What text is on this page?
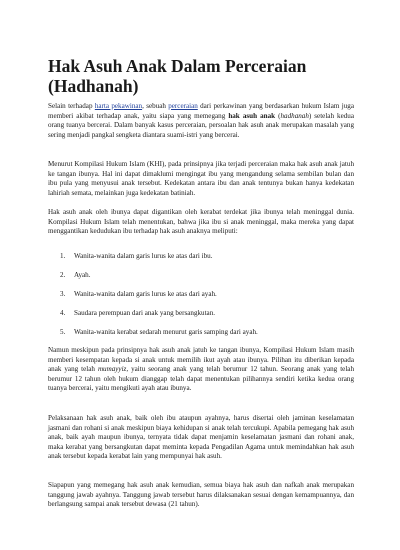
Hak Asuh Anak Dalam Perceraian (Hadhanah)

Selain terhadap harta pekawinan, sebuah perceraian dari perkawinan yang berdasarkan hukum Islam juga memberi akibat terhadap anak, yaitu siapa yang memegang hak asuh anak (hadhanah) setelah kedua orang tuanya bercerai. Dalam banyak kasus perceraian, persoalan hak asuh anak merupakan masalah yang sering menjadi pangkal sengketa diantara suami-istri yang bercerai.

Menurut Kompilasi Hukum Islam (KHI), pada prinsipnya jika terjadi perceraian maka hak asuh anak jatuh ke tangan ibunya. Hal ini dapat dimaklumi mengingat ibu yang mengandung selama sembilan bulan dan ibu pula yang menyusui anak tersebut. Kedekatan antara ibu dan anak tentunya bukan hanya kedekatan lahiriah semata, melainkan juga kedekatan batiniah.

Hak asuh anak oleh ibunya dapat digantikan oleh kerabat terdekat jika ibunya telah meninggal dunia. Kompilasi Hukum Islam telah menentukan, bahwa jika ibu si anak meninggal, maka mereka yang dapat menggantikan kedudukan ibu terhadap hak asuh anaknya meliputi:

1. Wanita-wanita dalam garis lurus ke atas dari ibu.
2. Ayah.
3. Wanita-wanita dalam garis lurus ke atas dari ayah.
4. Saudara perempuan dari anak yang bersangkutan.
5. Wanita-wanita kerabat sedarah menurut garis samping dari ayah.

Namun meskipun pada prinsipnya hak asuh anak jatuh ke tangan ibunya, Kompilasi Hukum Islam masih memberi kesempatan kepada si anak untuk memilih ikut ayah atau ibunya. Pilihan itu diberikan kepada anak yang telah mumayyiz, yaitu seorang anak yang telah berumur 12 tahun. Seorang anak yang telah berumur 12 tahun oleh hukum dianggap telah dapat menentukan pilihannya sendiri ketika kedua orang tuanya bercerai, yaitu mengikuti ayah atau ibunya.

Pelaksanaan hak asuh anak, baik oleh ibu ataupun ayahnya, harus disertai oleh jaminan keselamatan jasmani dan rohani si anak meskipun biaya kehidupan si anak telah tercukupi. Apabila pemegang hak asuh anak, baik ayah maupun ibunya, ternyata tidak dapat menjamin keselamatan jasmani dan rohani anak, maka kerabat yang bersangkutan dapat meminta kepada Pengadilan Agama untuk memindahkan hak asuh anak tersebut kepada kerabat lain yang mempunyai hak asuh.

Siapapun yang memegang hak asuh anak kemudian, semua biaya hak asuh dan nafkah anak merupakan tanggung jawab ayahnya. Tanggung jawab tersebut harus dilaksanakan sesuai dengan kemampuannya, dan berlangsung sampai anak tersebut dewasa (21 tahun).
